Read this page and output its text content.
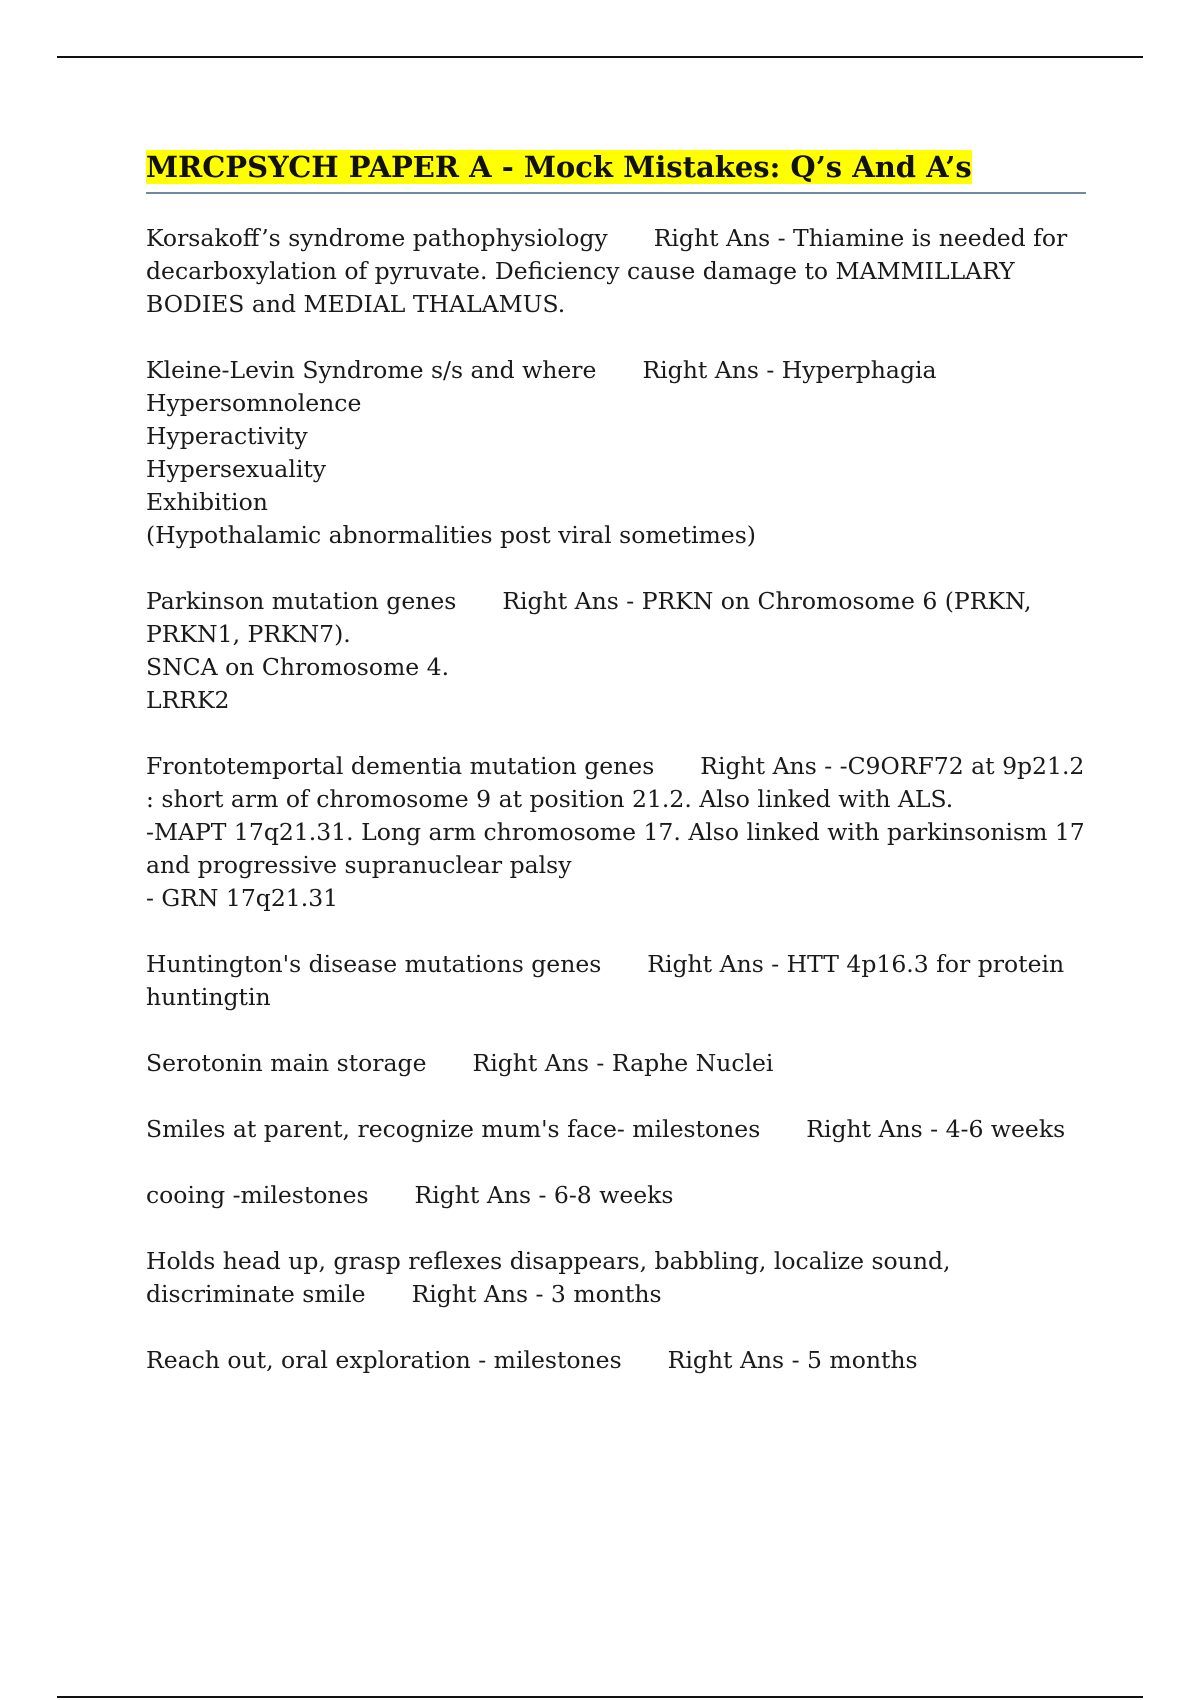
MRCPSYCH PAPER A - Mock Mistakes: Q’s And A’s
Korsakoff’s syndrome pathophysiology Right Ans - Thiamine is needed for decarboxylation of pyruvate. Deficiency cause damage to MAMMILLARY BODIES and MEDIAL THALAMUS.
Kleine-Levin Syndrome s/s and where Right Ans - Hyperphagia
Hypersomnolence
Hyperactivity
Hypersexuality
Exhibition
(Hypothalamic abnormalities post viral sometimes)
Parkinson mutation genes Right Ans - PRKN on Chromosome 6 (PRKN, PRKN1, PRKN7).
SNCA on Chromosome 4.
LRRK2
Frontotemportal dementia mutation genes Right Ans - -C9ORF72 at 9p21.2 : short arm of chromosome 9 at position 21.2. Also linked with ALS.
-MAPT 17q21.31. Long arm chromosome 17. Also linked with parkinsonism 17 and progressive supranuclear palsy
- GRN 17q21.31
Huntington's disease mutations genes Right Ans - HTT 4p16.3 for protein huntingtin
Serotonin main storage Right Ans - Raphe Nuclei
Smiles at parent, recognize mum's face- milestones Right Ans - 4-6 weeks
cooing -milestones Right Ans - 6-8 weeks
Holds head up, grasp reflexes disappears, babbling, localize sound, discriminate smile Right Ans - 3 months
Reach out, oral exploration - milestones Right Ans - 5 months
